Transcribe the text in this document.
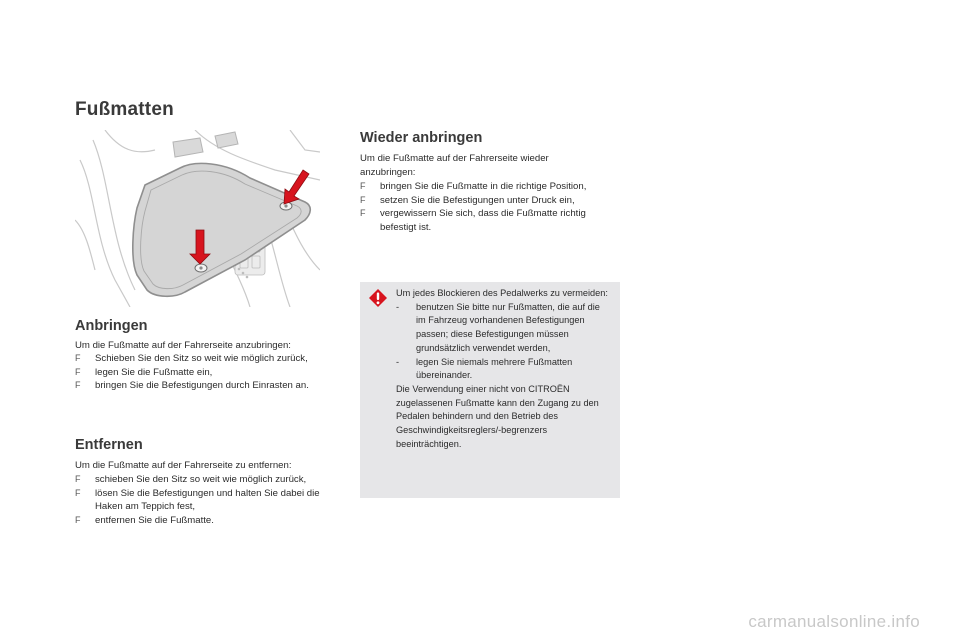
Fußmatten
Anbringen
Um die Fußmatte auf der Fahrerseite anzubringen:
F Schieben Sie den Sitz so weit wie möglich zurück,
F legen Sie die Fußmatte ein,
F bringen Sie die Befestigungen durch Einrasten an.
Entfernen
Um die Fußmatte auf der Fahrerseite zu entfernen:
F schieben Sie den Sitz so weit wie möglich zurück,
F lösen Sie die Befestigungen und halten Sie dabei die Haken am Teppich fest,
F entfernen Sie die Fußmatte.
Wieder anbringen
Um die Fußmatte auf der Fahrerseite wieder anzubringen:
F bringen Sie die Fußmatte in die richtige Position,
F setzen Sie die Befestigungen unter Druck ein,
F vergewissern Sie sich, dass die Fußmatte richtig befestigt ist.
Um jedes Blockieren des Pedalwerks zu vermeiden:
- benutzen Sie bitte nur Fußmatten, die auf die im Fahrzeug vorhandenen Befestigungen passen; diese Befestigungen müssen grundsätzlich verwendet werden,
- legen Sie niemals mehrere Fußmatten übereinander.
Die Verwendung einer nicht von CITROËN zugelassenen Fußmatte kann den Zugang zu den Pedalen behindern und den Betrieb des Geschwindigkeitsreglers/-begrenzers beeinträchtigen.
carmanualsonline.info
